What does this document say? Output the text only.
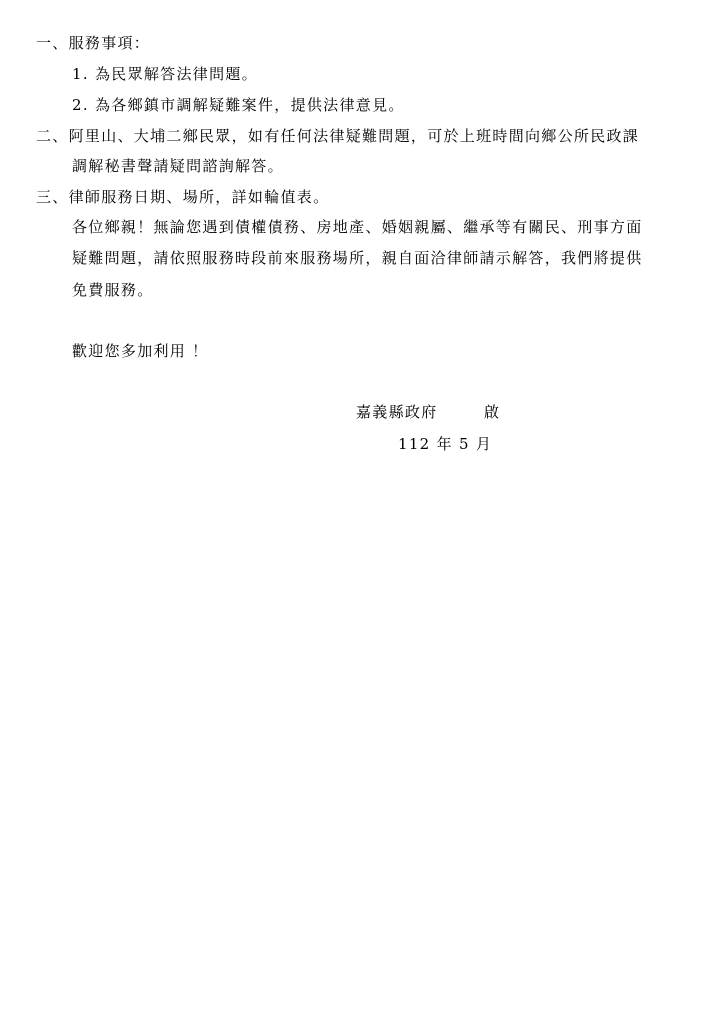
一、服務事項：
1. 為民眾解答法律問題。
2. 為各鄉鎮市調解疑難案件，提供法律意見。
二、阿里山、大埔二鄉民眾，如有任何法律疑難問題，可於上班時間向鄉公所民政課
調解秘書聲請疑問諮詢解答。
三、律師服務日期、場所，詳如輪值表。
各位鄉親！無論您遇到債權債務、房地產、婚姻親屬、繼承等有關民、刑事方面
疑難問題，請依照服務時段前來服務場所，親自面洽律師請示解答，我們將提供
免費服務。
歡迎您多加利用 ！
嘉義縣政府	啟
112 年 5 月
